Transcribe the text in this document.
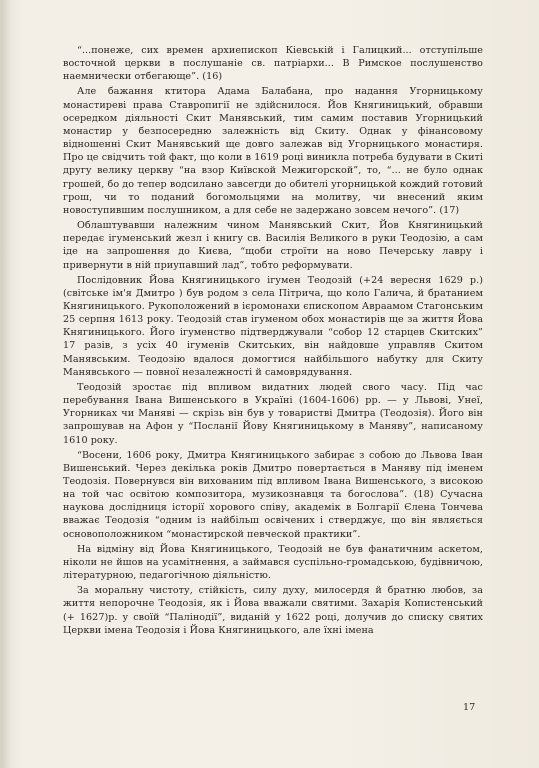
“...понеже, сих времен архиепископ Кіевській і Галицкий... отступільше восточной церкви в послушаніе св. патріархи... В Римское послушенство наемнически отбегающе”. (16)

Але бажання ктитора Адама Балабана, про надання Угорницькому монастиреві права Ставропигії не здійснилося. Йов Княгиницький, обравши осередком діяльності Скит Манявський, тим самим поставив Угорницький монастир у безпосередню залежність від Скиту. Однак у фінансовому відношенні Скит Манявський ще довго залежав від Угорницького монастиря. Про це свідчить той факт, що коли в 1619 році виникла потреба будувати в Скиті другу велику церкву “на взор Київской Межигорской”, то, “... не було однак грошей, бо до тепер водсилано завсегди до обителі угорницькой кождий готовий грош, чи то поданий богомольцями на молитву, чи внесений яким новоступившим послушником, а для себе не задержано зовсем нечого”. (17)

Облаштувавши належним чином Манявський Скит, Йов Княгиницький передає ігуменський жезл і книгу св. Василія Великого в руки Теодозію, а сам іде на запрошення до Києва, “щоби строїти на ново Печерську лавру і привернути в ній приупавший лад”, тобто реформувати.

Послідовник Йова Княгиницького ігумен Теодозій (+24 вересня 1629 р.) (світське ім'я Дмитро ) був родом з села Пітрича, що коло Галича, й братанием Княгиницького. Рукоположений в ієромонахи єпископом Авраамом Стагонським 25 серпня 1613 року. Теодозій став ігуменом обох монастирів ще за життя Йова Княгиницького. Його ігуменство підтверджували “собор 12 старцев Скитских” 17 разів, з усіх 40 ігуменів Скитських, він найдовше управляв Скитом Манявським. Теодозію вдалося домогтися найбільшого набутку для Скиту Манявського — повної незалежності й самоврядування.

Теодозій зростає під впливом видатних людей свого часу. Під час перебування Івана Вишенського в Україні (1604-1606) pp. — у Львові, Унеї, Угорниках чи Маняві — скрізь він був у товаристві Дмитра (Теодозія). Його він запрошував на Афон у “Посланії Йову Княгиницькому в Маняву”, написаному 1610 року.

“Восени, 1606 року, Дмитра Княгиницького забирає з собою до Львова Іван Вишенський. Через декілька років Дмитро повертається в Маняву під іменем Теодозія. Повернувся він вихованим під впливом Івана Вишенського, з високою на той час освітою композитора, музикознавця та богослова”. (18) Сучасна наукова дослідниця історії хорового співу, академік в Болгарії Єлена Тончева вважає Теодозія “одним із найбільш освічених і стверджує, що він являється основоположником “монастирской певческой практики”.

На відміну від Йова Княгиницького, Теодозій не був фанатичним аскетом, ніколи не йшов на усамітнення, а займався суспільно-громадською, будівничою, літературною, педагогічною діяльністю.

За моральну чистоту, стійкість, силу духу, милосердя й братню любов, за життя непорочне Теодозія, як і Йова вважали святими. Захарія Копистенський (+ 1627)р. у своїй “Палінодії”, виданій у 1622 році, долучив до списку святих Церкви імена Теодозія і Йова Княгиницького, але їхні імена

17
